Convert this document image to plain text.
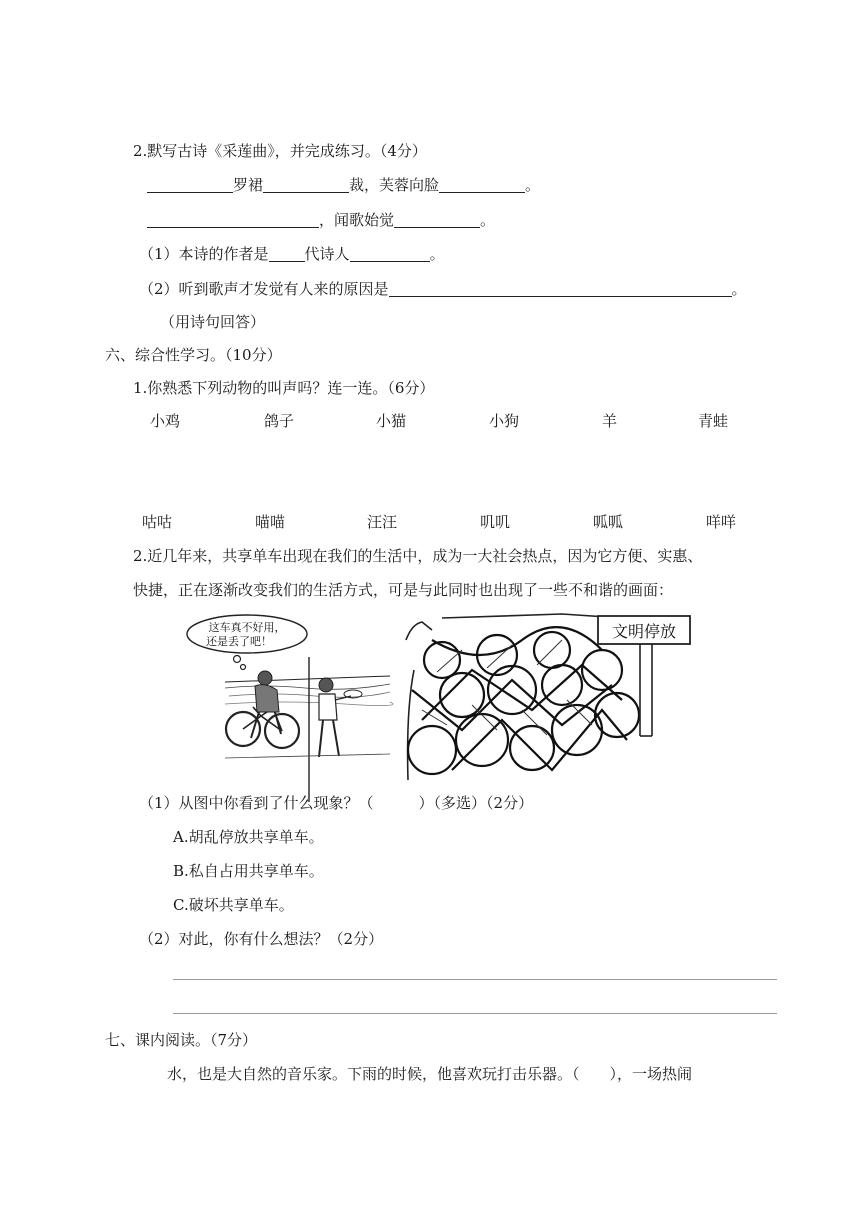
2.默写古诗《采莲曲》，并完成练习。（4分）
罗裙	裁，芙蓉向脸	。
，闻歌始觉	。
（1）本诗的作者是 代诗人	。
（2）听到歌声才发觉有人来的原因是	。
（用诗句回答）
六、综合性学习。（10分）
1.你熟悉下列动物的叫声吗？连一连。（6分）
小鸡	鸽子	小猫	小狗	羊	青蛙
咕咕	喵喵	汪汪	叽叽	呱呱	咩咩
2.近几年来，共享单车出现在我们的生活中，成为一大社会热点，因为它方便、实惠、
快捷，正在逐渐改变我们的生活方式，可是与此同时也出现了一些不和谐的画面：
这车真不好用，
还是丢了吧！
文明停放
（1）从图中你看到了什么现象？（　　　）（多选）（2分）
A.胡乱停放共享单车。
B.私自占用共享单车。
C.破坏共享单车。
（2）对此，你有什么想法？（2分）
七、课内阅读。（7分）
水，也是大自然的音乐家。下雨的时候，他喜欢玩打击乐器。（　　），一场热闹
